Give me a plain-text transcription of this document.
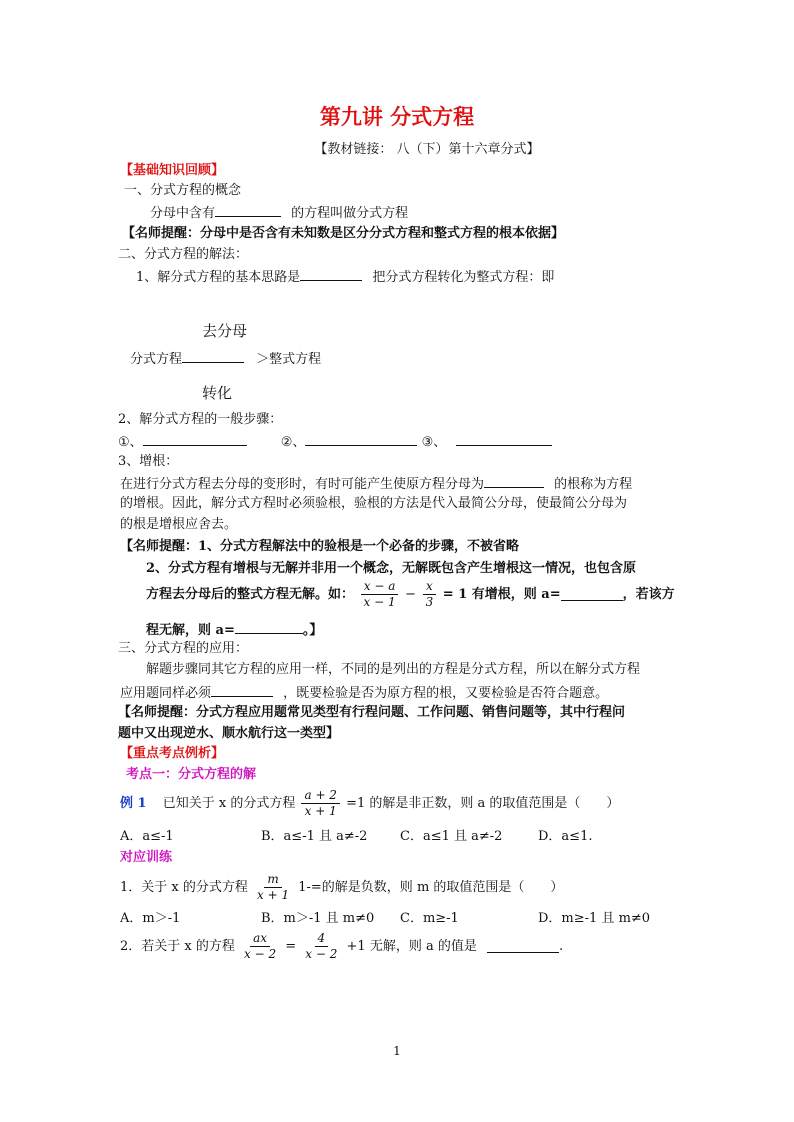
第九讲 分式方程
【教材链接： 八（下）第十六章分式】
【基础知识回顾】
一、分式方程的概念
分母中含有	的方程叫做分式方程
【名师提醒：分母中是否含有未知数是区分分式方程和整式方程的根本依据】
二、分式方程的解法：
1、解分式方程的基本思路是	把分式方程转化为整式方程：即
去分母
分式方程	＞整式方程
转化
2、解分式方程的一般步骤：
①、	②、	③、
3、增根：
在进行分式方程去分母的变形时，有时可能产生使原方程分母为	的根称为方程
的增根。因此，解分式方程时必须验根，验根的方法是代入最简公分母，使最简公分母为
的根是增根应舍去。
【名师提醒：1、分式方程解法中的验根是一个必备的步骤，不被省略
2、分式方程有增根与无解并非用一个概念，无解既包含产生增根这一情况，也包含原
方程去分母后的整式方程无解。如： $\frac{x - a}{x - 1} - \frac{x}{3} = 1$ 有增根，则 a=	，若该方
程无解，则 a=	。】
三、分式方程的应用：
解题步骤同其它方程的应用一样，不同的是列出的方程是分式方程，所以在解分式方程
应用题同样必须	，既要检验是否为原方程的根，又要检验是否符合题意。
【名师提醒：分式方程应用题常见类型有行程问题、工作问题、销售问题等，其中行程问
题中又出现逆水、顺水航行这一类型】
【重点考点例析】
考点一：分式方程的解
例 1 已知关于 x 的分式方程 $\frac{a + 2}{x + 1} =1$ 的解是非正数，则 a 的取值范围是（　　）
A．a≤-1	B．a≤-1 且 a≠-2	C．a≤1 且 a≠-2	D．a≤1.
对应训练
1．关于 x 的分式方程 $\frac{m}{x + 1} 1-=$的解是负数，则 m 的取值范围是（　　）
A．m＞-1	B．m＞-1 且 m≠0 C．m≥-1	D．m≥-1 且 m≠0
2．若关于 x 的方程 $\frac{ax}{x - 2} = \frac{4}{x - 2} +1$ 无解，则 a 的值是	.
1
